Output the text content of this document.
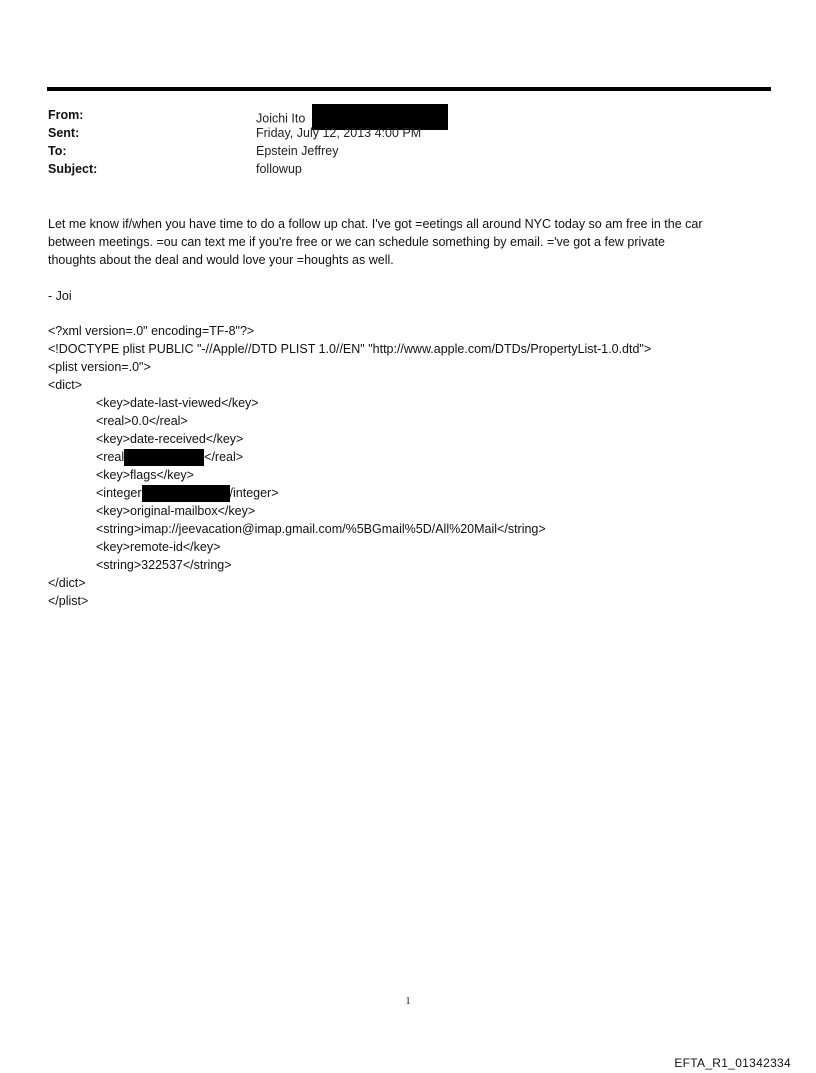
From:	Joichi Ito
Sent:	Friday, July 12, 2013 4:00 PM
To:	Epstein Jeffrey
Subject:	followup
Let me know if/when you have time to do a follow up chat. I've got =eetings all around NYC today so am free in the car
between meetings. =ou can text me if you're free or we can schedule something by email. ='ve got a few private
thoughts about the deal and would love your =houghts as well.
- Joi
<?xml version=.0" encoding=TF-8"?>
<!DOCTYPE plist PUBLIC "-//Apple//DTD PLIST 1.0//EN" "http://www.apple.com/DTDs/PropertyList-1.0.dtd">
<plist version=.0">
<dict>
<key>date-last-viewed</key>
<real>0.0</real>
<key>date-received</key>
<real	</real>
<key>flags</key>
<integer	/integer>
<key>original-mailbox</key>
<string>imap://jeevacation@imap.gmail.com/%5BGmail%5D/All%20Mail</string>
<key>remote-id</key>
<string>322537</string>
</dict>
</plist>
1
EFTA_R1_01342334
